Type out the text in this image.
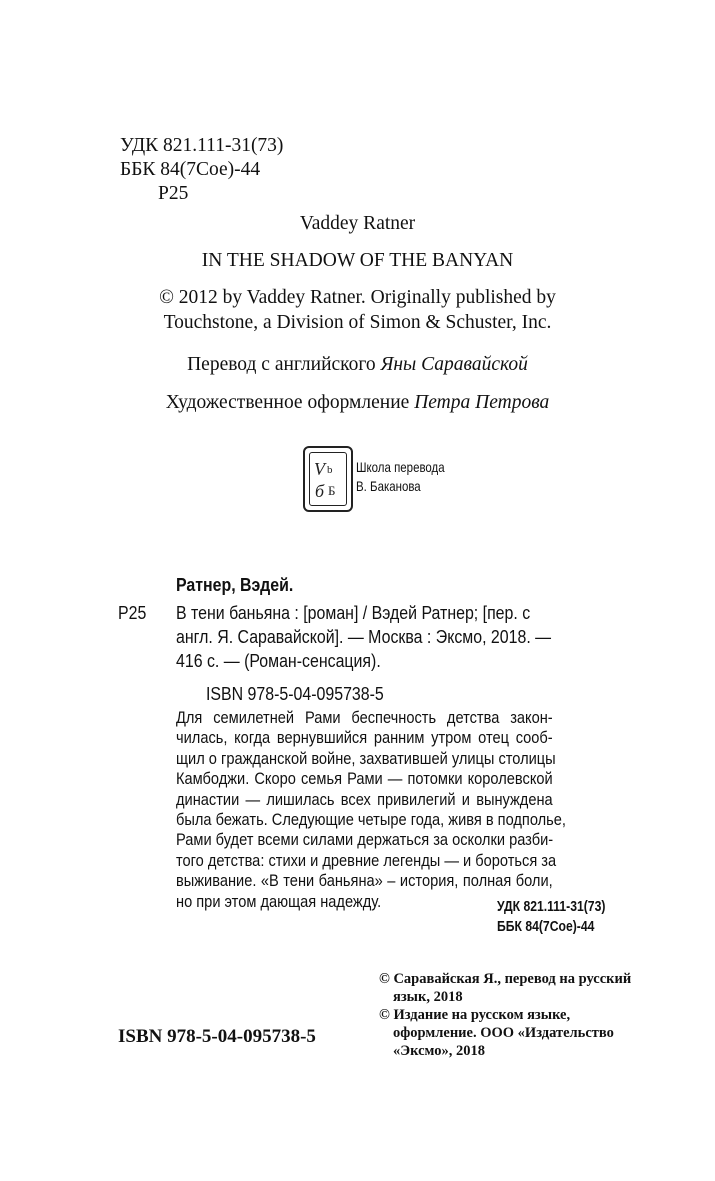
УДК 821.111-31(73)
ББК 84(7Сое)-44
Р25
Vaddey Ratner
IN THE SHADOW OF THE BANYAN
© 2012 by Vaddey Ratner. Originally published by
Touchstone, a Division of Simon & Schuster, Inc.
Перевод с английского Яны Саравайской
Художественное оформление Петра Петрова
V b
б Б
Школа перевода
В. Баканова
Ратнер, Вэдей.
Р25 В тени баньяна : [роман] / Вэдей Ратнер; [пер. с
англ. Я. Саравайской]. — Москва : Эксмо, 2018. —
416 с. — (Роман-сенсация).
ISBN 978-5-04-095738-5
Для семилетней Рами беспечность детства закон-
чилась, когда вернувшийся ранним утром отец сооб-
щил о гражданской войне, захватившей улицы столицы
Камбоджи. Скоро семья Рами — потомки королевской
династии — лишилась всех привилегий и вынуждена
была бежать. Следующие четыре года, живя в подполье,
Рами будет всеми силами держаться за осколки разби-
того детства: стихи и древние легенды — и бороться за
выживание. «В тени баньяна» – история, полная боли,
но при этом дающая надежду.	УДК 821.111-31(73)
ББК 84(7Сое)-44
© Саравайская Я., перевод на русский
язык, 2018
© Издание на русском языке,
оформление. ООО «Издательство
«Эксмо», 2018
ISBN 978-5-04-095738-5
